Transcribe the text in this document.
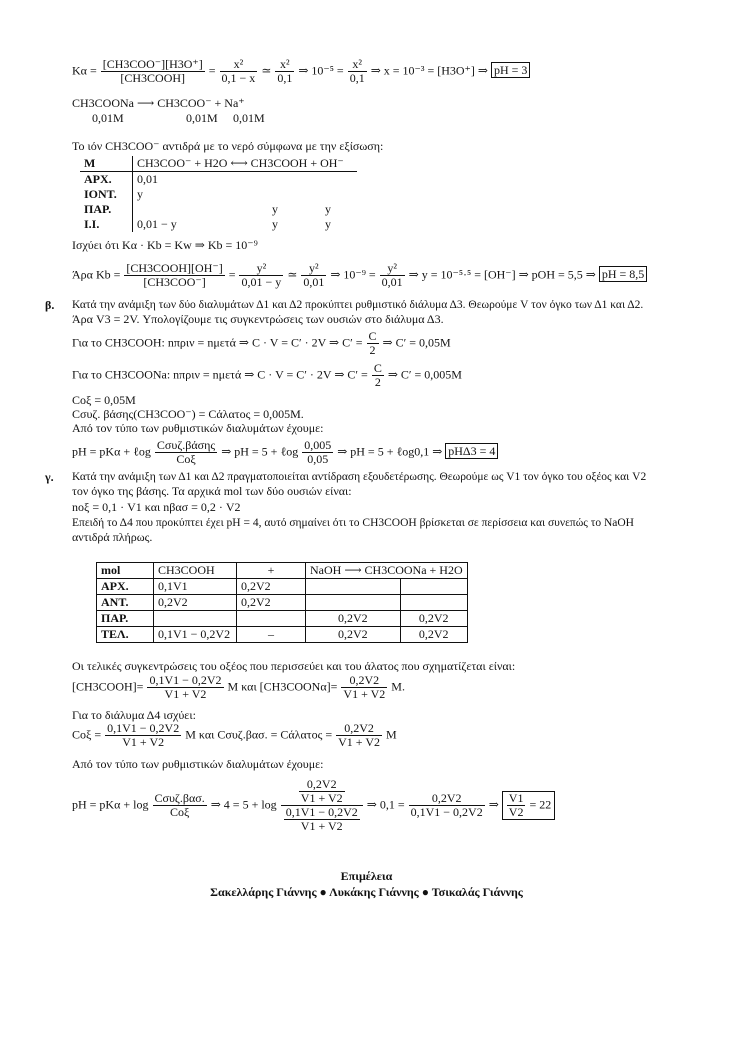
$K\alpha = \frac{\text{[CH3COO⁻][H3O⁺]}}{\text{[CH3COOH]}} = \frac{\text{x²}}{0,1 - x}$ ≃ $\frac{\text{x²}}{0,1}$ ⇒ $10^{-5} = \frac{\text{x²}}{0,1}$ ⇒ x = 10⁻³ = [H3O⁺] ⇒ pH = 3
CH3COONa ⟶ CH3COO⁻ + Na⁺
0,01M	0,01M 0,01M
Το ιόν CH3COO⁻ αντιδρά με το νερό σύμφωνα με την εξίσωση:
M	CH3COO⁻ + H2O ⟷ CH3COOH + OH⁻		
ΑΡΧ.	0,01		
ΙΟΝΤ.	y		
ΠΑΡ.		y	y
Ι.Ι.	0,01 − y	y	y
Ισχύει ότι Kα · Kb = Kw ⇒ Kb = 10⁻⁹
Άρα $Kb = \frac{\text{[CH3COOH][OH⁻]}}{\text{[CH3COO⁻]}} = \frac{\text{y²}}{0,01 - y}$ ≃ $\frac{\text{y²}}{0,01}$ ⇒ $10^{-9} = \frac{\text{y²}}{0,01}$ ⇒ y = 10⁻⁵·⁵ = [OH⁻] ⇒ pOH = 5,5 ⇒ pH = 8,5
β. Κατά την ανάμιξη των δύο διαλυμάτων Δ1 και Δ2 προκύπτει ρυθμιστικό διάλυμα Δ3. Θεωρούμε V τον όγκο των Δ1 και Δ2.
Άρα V3 = 2V. Υπολογίζουμε τις συγκεντρώσεις των ουσιών στο διάλυμα Δ3.
Για το CH3COOH: nπριν = nμετά ⇒ C · V = C′ · 2V ⇒ $C' = \frac{C}{2}$ ⇒ C′ = 0,05M
Για το CH3COONa: nπριν = nμετά ⇒ C · V = C′ · 2V ⇒ $C' = \frac{C}{2}$ ⇒ C′ = 0,005M
Cοξ = 0,05M
Cσυζ. βάσης(CH3COO⁻) = Cάλατος = 0,005M.
Από τον τύπο των ρυθμιστικών διαλυμάτων έχουμε:
pH = pKα + ℓog $\frac{\text{Cσυζ.βάσης}}{\text{Cοξ}}$ ⇒ pH = 5 + ℓog $\frac{0,005}{0,05}$ ⇒ pH = 5 + ℓog0,1 ⇒ pHΔ3 = 4
γ. Κατά την ανάμιξη των Δ1 και Δ2 πραγματοποιείται αντίδραση εξουδετέρωσης. Θεωρούμε ως V1 τον όγκο του οξέος και V2
τον όγκο της βάσης. Τα αρχικά mol των δύο ουσιών είναι:
nοξ = 0,1 · V1 και nβασ = 0,2 · V2
Επειδή το Δ4 που προκύπτει έχει pH = 4, αυτό σημαίνει ότι το CH3COOH βρίσκεται σε περίσσεια και συνεπώς το NaOH
αντιδρά πλήρως.
mol	CH3COOH	+	NaOH ⟶ CH3COONa + H2O	
ΑΡΧ.	0,1V1	0,2V2		
ΑΝΤ.	0,2V2	0,2V2		
ΠΑΡ.			0,2V2	0,2V2
ΤΕΛ.	0,1V1 − 0,2V2	–	0,2V2	0,2V2
Οι τελικές συγκεντρώσεις του οξέος που περισσεύει και του άλατος που σχηματίζεται είναι:
[CH3COOH]= $\frac{0,1V1 - 0,2V2}{V1 + V2}$ M και [CH3COONα]= $\frac{0,2V2}{V1 + V2} M$.
Για το διάλυμα Δ4 ισχύει:
$Co\xi = \frac{0,1V1 - 0,2V2}{V1 + V2}$ M και Cσυζ.βασ. = $Cά\lambda\alpha\tau o\varsigma = \frac{0,2V2}{V1 + V2}$ M
Από τον τύπο των ρυθμιστικών διαλυμάτων έχουμε:
pH = $pK\alpha + \log \frac{\text{Cσυζ.βασ.}}{\text{Cοξ}}$ ⇒ $4 = 5 + \log \frac{\frac{0,2V2}{V1 + V2}}{\frac{0,1V1 - 0,2V2}{V1 + V2}}$ ⇒ $0,1 = \frac{0,2V2}{0,1V1 - 0,2V2}$ ⇒ $\frac{V1}{V2} = 22$
Επιμέλεια
Σακελλάρης Γιάννης ● Λυκάκης Γιάννης ● Τσικαλάς Γιάννης
